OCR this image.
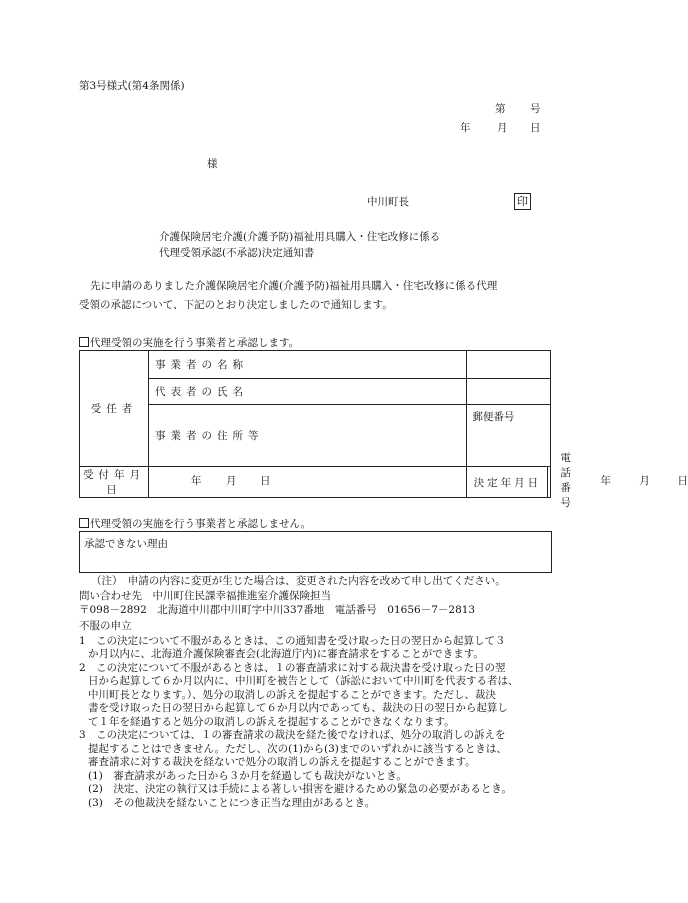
第3号様式(第4条関係)
第 号
年	月 日
様
中川町長	印
介護保険居宅介護(介護予防)福祉用具購入・住宅改修に係る
代理受領承認(不承認)決定通知書
先に申請のありました介護保険居宅介護(介護予防)福祉用具購入・住宅改修に係る代理
受領の承認について、下記のとおり決定しましたので通知します。
代理受領の実施を行う事業者と承認します。
受任者	事業者の名称		
	代表者の氏名		
	事業者の住所等	郵便番号
電話番号	

受付年月日	年 月 日	決定年月日	年 月 日
代理受領の実施を行う事業者と承認しません。
承認できない理由
（注）　申請の内容に変更が生じた場合は、変更された内容を改めて申し出てください。
問い合わせ先　中川町住民課幸福推進室介護保険担当
〒098－2892　北海道中川郡中川町字中川337番地　電話番号　01656－7－2813
不服の申立
1　この決定について不服があるときは、この通知書を受け取った日の翌日から起算して３
か月以内に、北海道介護保険審査会(北海道庁内)に審査請求をすることができます。
2　この決定について不服があるときは、１の審査請求に対する裁決書を受け取った日の翌
日から起算して６か月以内に、中川町を被告として（訴訟において中川町を代表する者は、
中川町長となります。）、処分の取消しの訴えを提起することができます。ただし、裁決
書を受け取った日の翌日から起算して６か月以内であっても、裁決の日の翌日から起算し
て１年を経過すると処分の取消しの訴えを提起することができなくなります。
3　この決定については、１の審査請求の裁決を経た後でなければ、処分の取消しの訴えを
提起することはできません。ただし、次の(1)から(3)までのいずれかに該当するときは、
審査請求に対する裁決を経ないで処分の取消しの訴えを提起することができます。
(1)　審査請求があった日から３か月を経過しても裁決がないとき。
(2)　決定、決定の執行又は手続による著しい損害を避けるための緊急の必要があるとき。
(3)　その他裁決を経ないことにつき正当な理由があるとき。
